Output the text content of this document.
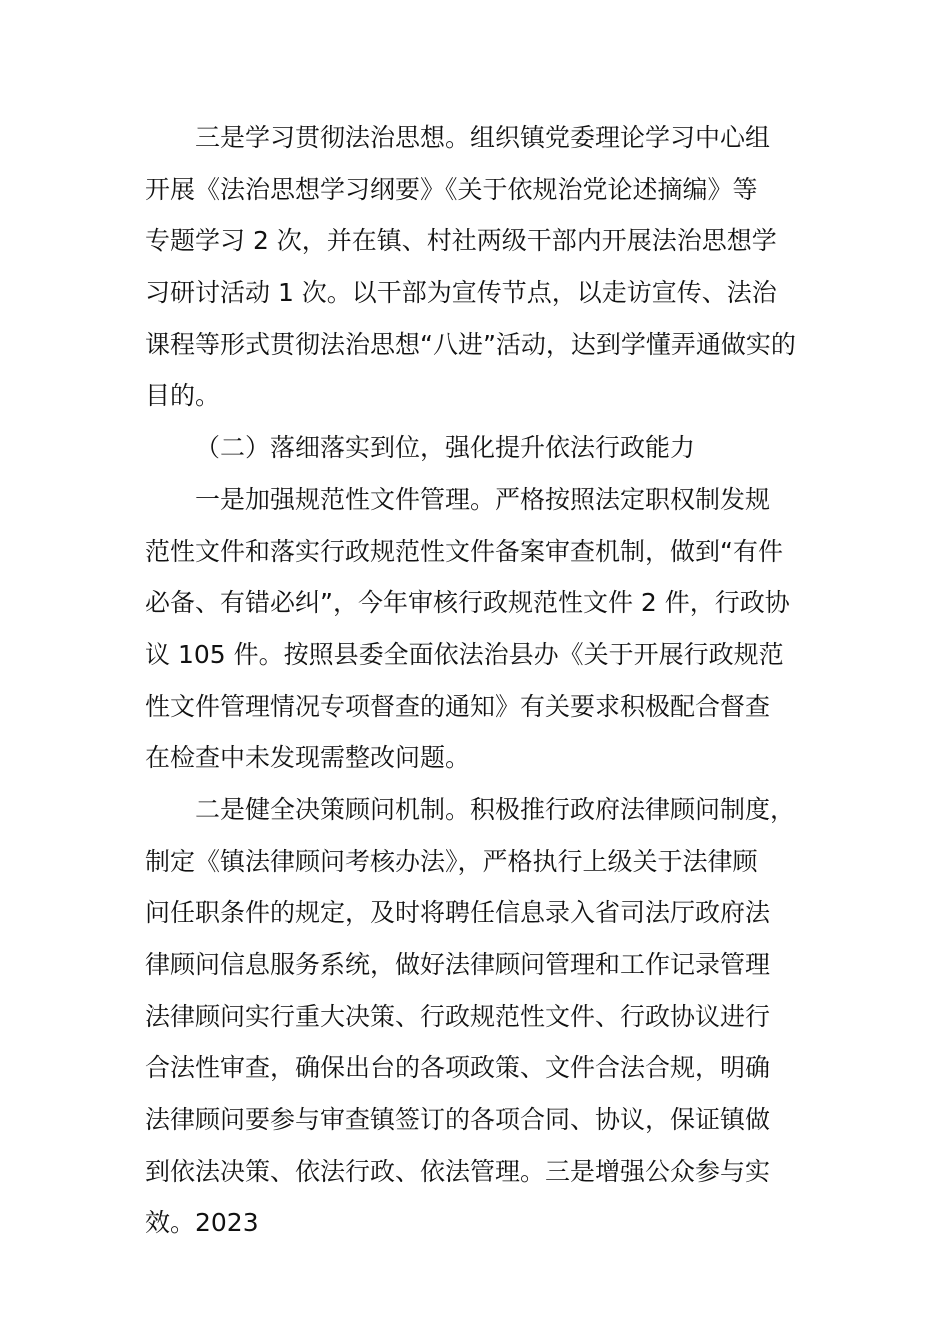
三是学习贯彻法治思想。组织镇党委理论学习中心组
开展《法治思想学习纲要》《关于依规治党论述摘编》等
专题学习 2 次，并在镇、村社两级干部内开展法治思想学
习研讨活动 1 次。以干部为宣传节点，以走访宣传、法治
课程等形式贯彻法治思想“八进”活动，达到学懂弄通做实的
目的。
（二）落细落实到位，强化提升依法行政能力
一是加强规范性文件管理。严格按照法定职权制发规
范性文件和落实行政规范性文件备案审查机制，做到“有件
必备、有错必纠”，今年审核行政规范性文件 2 件，行政协
议 105 件。按照县委全面依法治县办《关于开展行政规范
性文件管理情况专项督查的通知》有关要求积极配合督查
在检查中未发现需整改问题。
二是健全决策顾问机制。积极推行政府法律顾问制度，
制定《镇法律顾问考核办法》，严格执行上级关于法律顾
问任职条件的规定，及时将聘任信息录入省司法厅政府法
律顾问信息服务系统，做好法律顾问管理和工作记录管理
法律顾问实行重大决策、行政规范性文件、行政协议进行
合法性审查，确保出台的各项政策、文件合法合规，明确
法律顾问要参与审查镇签订的各项合同、协议，保证镇做
到依法决策、依法行政、依法管理。三是增强公众参与实
效。2023
